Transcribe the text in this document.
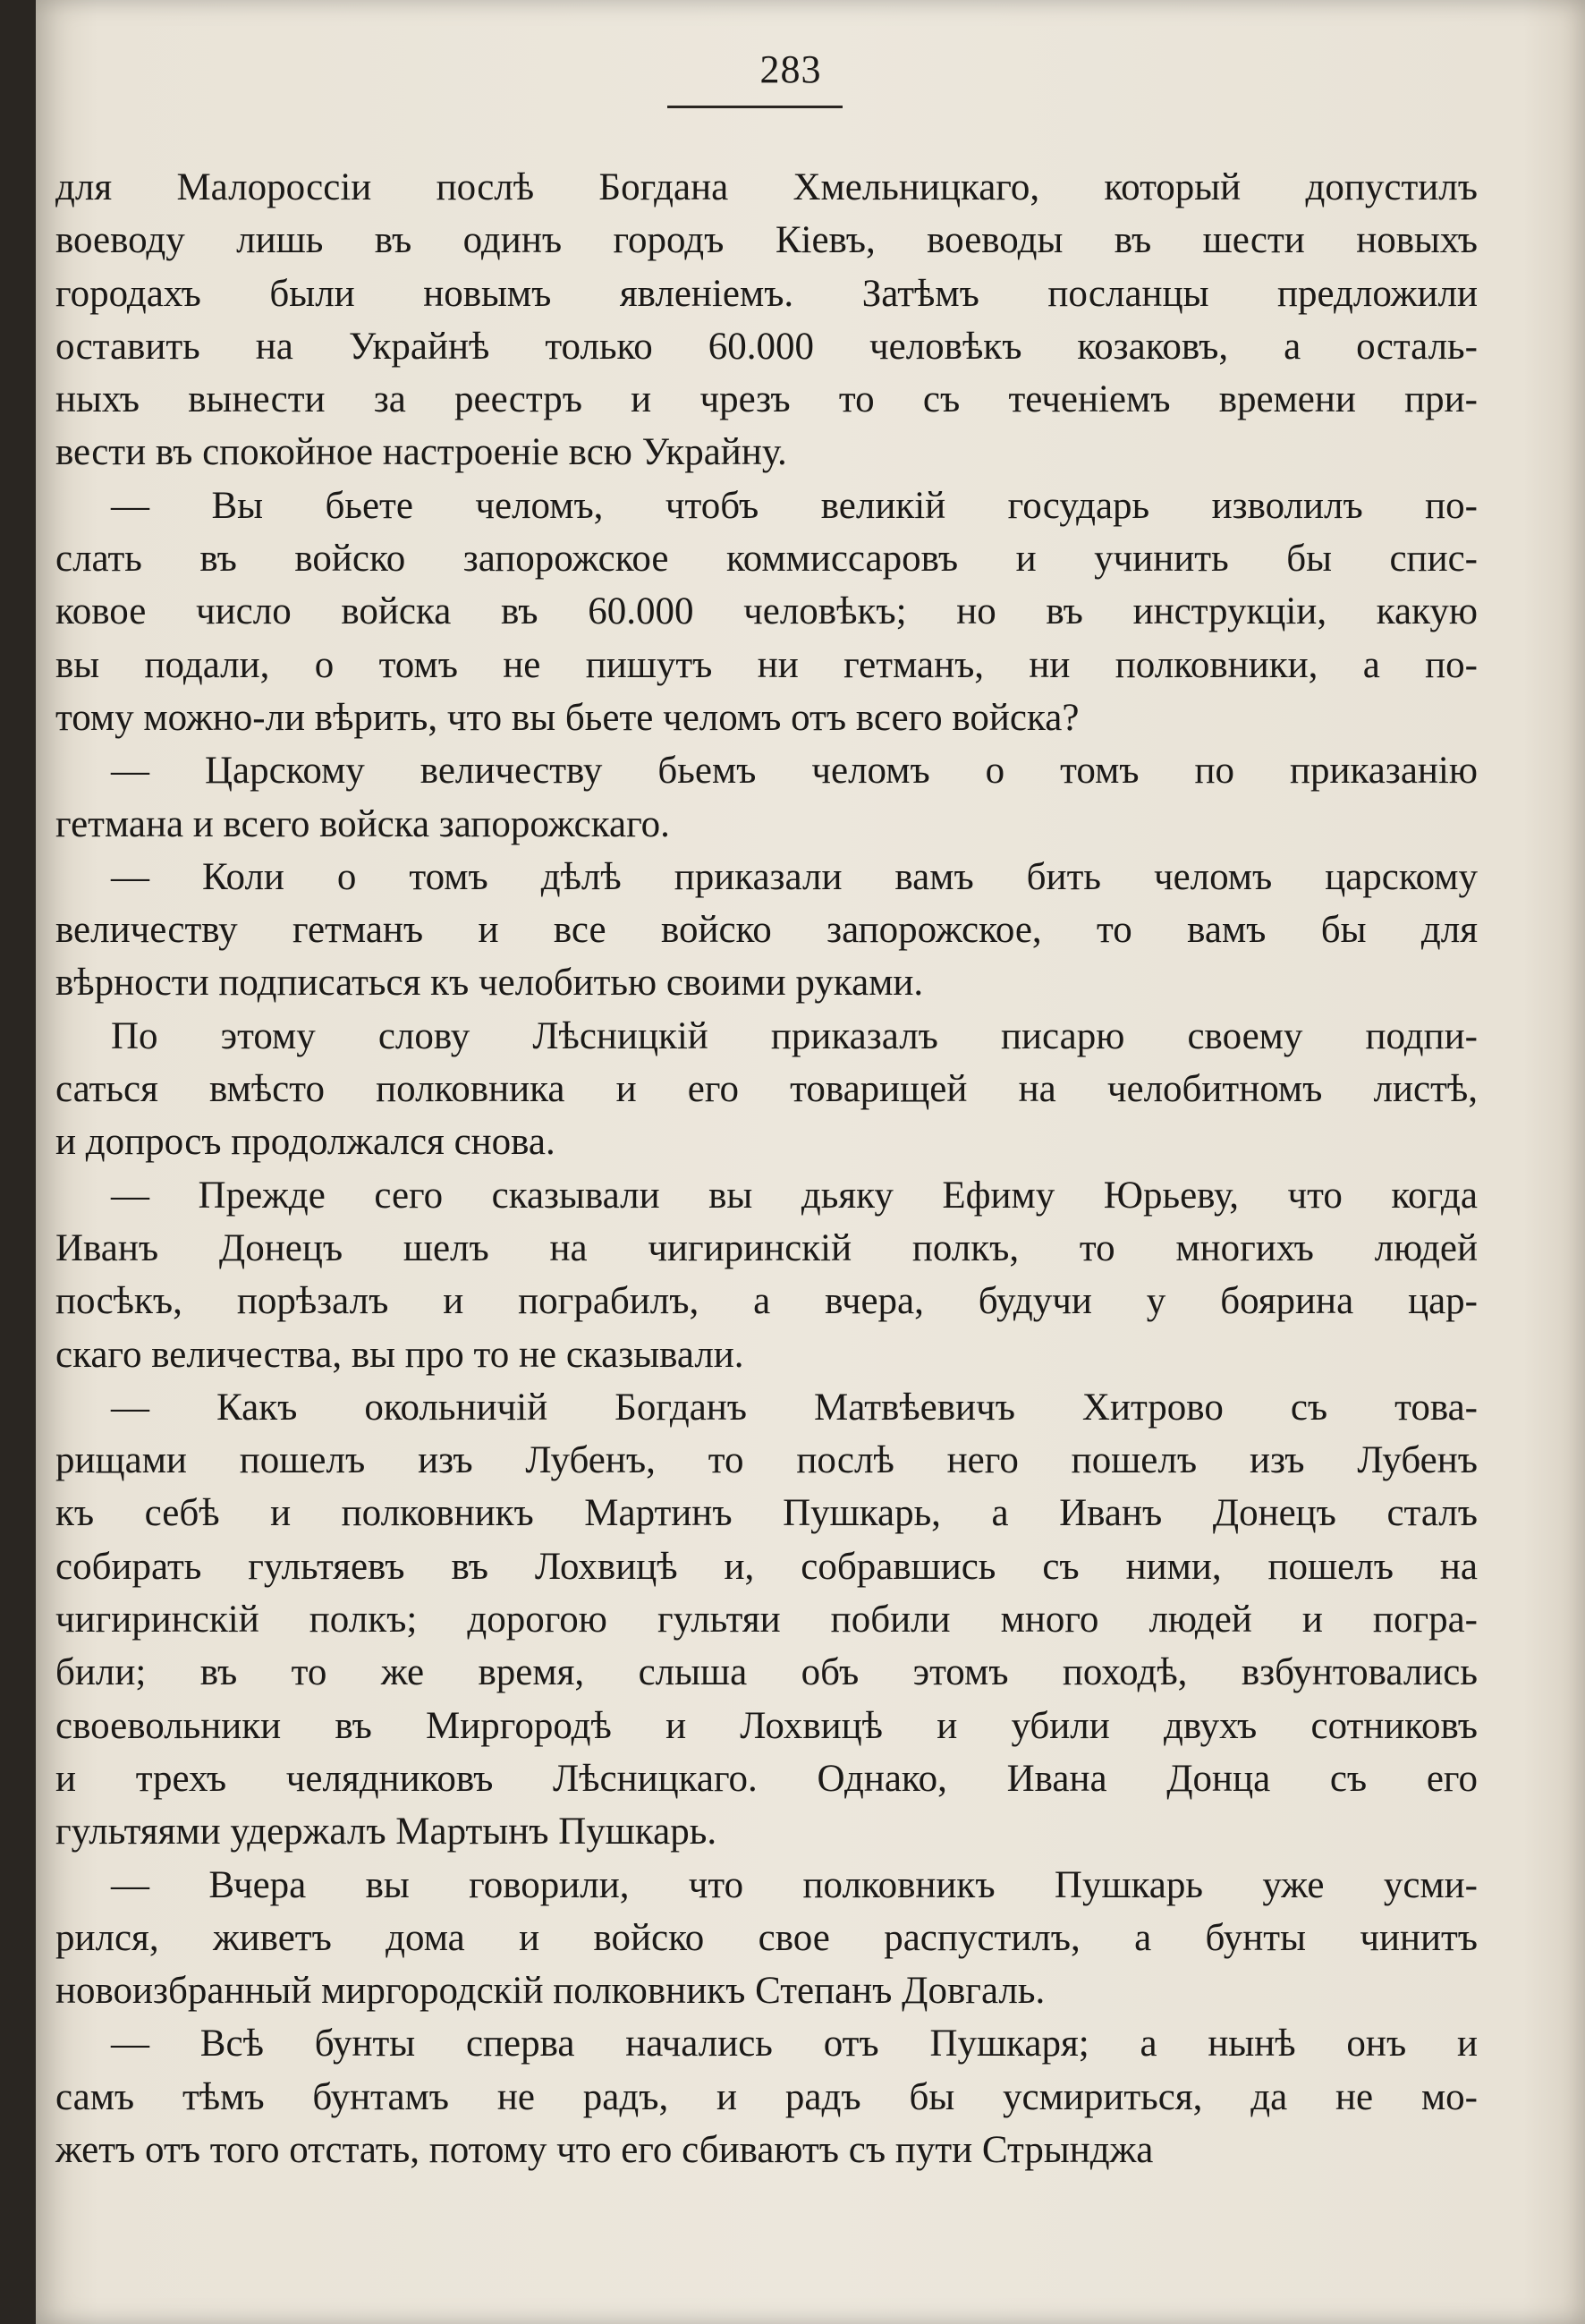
283
для Малороссіи послѣ Богдана Хмельницкаго, который допустилъ
воеводу лишь въ одинъ городъ Кіевъ, воеводы въ шести новыхъ
городахъ были новымъ явленіемъ. Затѣмъ посланцы предложили
оставить на Украйнѣ только 60.000 человѣкъ козаковъ, а осталь-
ныхъ вынести за реестръ и чрезъ то съ теченіемъ времени при-
вести въ спокойное настроеніе всю Украйну.
— Вы бьете челомъ, чтобъ великій государь изволилъ по-
слать въ войско запорожское коммиссаровъ и учинить бы спис-
ковое число войска въ 60.000 человѣкъ; но въ инструкціи, какую
вы подали, о томъ не пишутъ ни гетманъ, ни полковники, а по-
тому можно-ли вѣрить, что вы бьете челомъ отъ всего войска?
— Царскому величеству бьемъ челомъ о томъ по приказанію
гетмана и всего войска запорожскаго.
— Коли о томъ дѣлѣ приказали вамъ бить челомъ царскому
величеству гетманъ и все войско запорожское, то вамъ бы для
вѣрности подписаться къ челобитью своими руками.
По этому слову Лѣсницкій приказалъ писарю своему подпи-
саться вмѣсто полковника и его товарищей на челобитномъ листѣ,
и допросъ продолжался снова.
— Прежде сего сказывали вы дьяку Ефиму Юрьеву, что когда
Иванъ Донецъ шелъ на чигиринскій полкъ, то многихъ людей
посѣкъ, порѣзалъ и пограбилъ, а вчера, будучи у боярина цар-
скаго величества, вы про то не сказывали.
— Какъ окольничій Богданъ Матвѣевичъ Хитрово съ това-
рищами пошелъ изъ Лубенъ, то послѣ него пошелъ изъ Лубенъ
къ себѣ и полковникъ Мартинъ Пушкарь, а Иванъ Донецъ сталъ
собирать гультяевъ въ Лохвицѣ и, собравшись съ ними, пошелъ на
чигиринскій полкъ; дорогою гультяи побили много людей и погра-
били; въ то же время, слыша объ этомъ походѣ, взбунтовались
своевольники въ Миргородѣ и Лохвицѣ и убили двухъ сотниковъ
и трехъ челядниковъ Лѣсницкаго. Однако, Ивана Донца съ его
гультяями удержалъ Мартынъ Пушкарь.
— Вчера вы говорили, что полковникъ Пушкарь уже усми-
рился, живетъ дома и войско свое распустилъ, а бунты чинитъ
новоизбранный миргородскій полковникъ Степанъ Довгаль.
— Всѣ бунты сперва начались отъ Пушкаря; а нынѣ онъ и
самъ тѣмъ бунтамъ не радъ, и радъ бы усмириться, да не мо-
жетъ отъ того отстать, потому что его сбиваютъ съ пути Стрынджа
